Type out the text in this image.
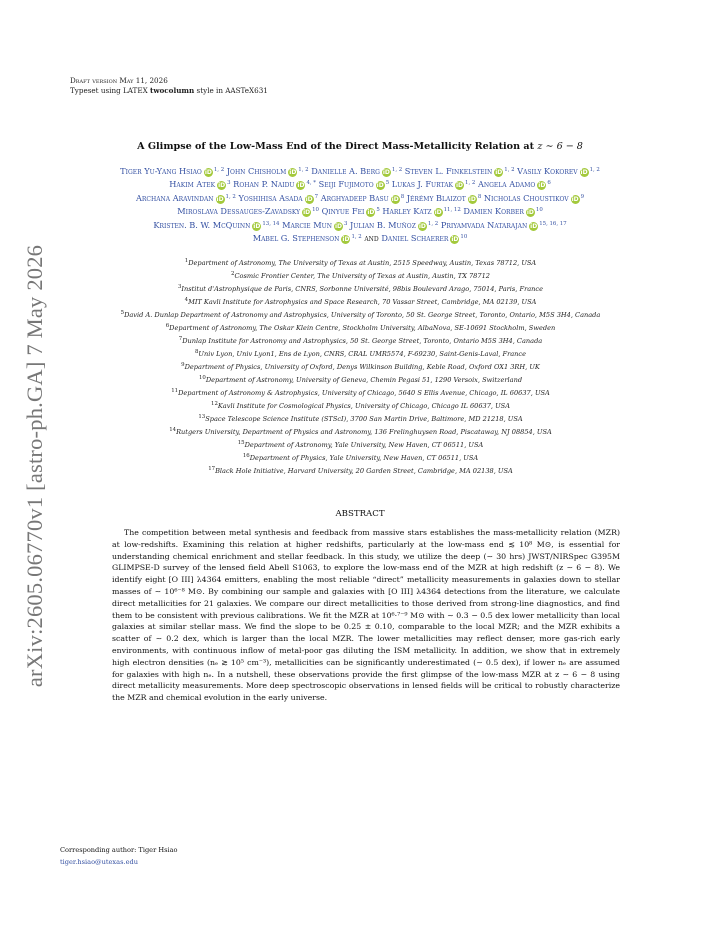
arXiv:2605.06770v1 [astro-ph.GA] 7 May 2026
Draft version May 11, 2026
Typeset using LATEX twocolumn style in AASTeX631
A Glimpse of the Low-Mass End of the Direct Mass-Metallicity Relation at z ∼ 6 − 8
Tiger Yu-Yang Hsiao iD $^{1, 2}$ John Chisholm iD $^{1, 2}$ Danielle A. Berg iD $^{1, 2}$ Steven L. Finkelstein iD $^{1, 2}$ Vasily Kokorev iD $^{1, 2}$
Hakim Atek iD $^3$ Rohan P. Naidu iD $^{4, *}$ Seiji Fujimoto iD $^5$ Lukas J. Furtak iD $^{1, 2}$ Angela Adamo iD $^6$
Archana Aravindan iD $^{1, 2}$ Yoshihisa Asada iD $^7$ Arghyadeep Basu iD $^8$ Jérémy Blaizot iD $^8$ Nicholas Choustikov iD $^9$
Miroslava Dessauges-Zavadsky iD $^{10}$ Qinyue Fei iD $^5$ Harley Katz iD $^{11, 12}$ Damien Korber iD $^{10}$
Kristen. B. W. McQuinn iD $^{13, 14}$ Marcie Mun iD $^3$ Julian B. Muñoz iD $^{1, 2}$ Priyamvada Natarajan iD $^{15, 16, 17}$
Mabel G. Stephenson iD $^{1, 2}$ and Daniel Schaerer iD $^{10}$
$^1$Department of Astronomy, The University of Texas at Austin, 2515 Speedway, Austin, Texas 78712, USA
$^2$Cosmic Frontier Center, The University of Texas at Austin, Austin, TX 78712
$^3$Institut d'Astrophysique de Paris, CNRS, Sorbonne Université, 98bis Boulevard Arago, 75014, Paris, France
$^4$MIT Kavli Institute for Astrophysics and Space Research, 70 Vassar Street, Cambridge, MA 02139, USA
$^5$David A. Dunlap Department of Astronomy and Astrophysics, University of Toronto, 50 St. George Street, Toronto, Ontario, M5S 3H4, Canada
$^6$Department of Astronomy, The Oskar Klein Centre, Stockholm University, AlbaNova, SE-10691 Stockholm, Sweden
$^7$Dunlap Institute for Astronomy and Astrophysics, 50 St. George Street, Toronto, Ontario M5S 3H4, Canada
$^8$Univ Lyon, Univ Lyon1, Ens de Lyon, CNRS, CRAL UMR5574, F-69230, Saint-Genis-Laval, France
$^9$Department of Physics, University of Oxford, Denys Wilkinson Building, Keble Road, Oxford OX1 3RH, UK
$^{10}$Department of Astronomy, University of Geneva, Chemin Pegasi 51, 1290 Versoix, Switzerland
$^{11}$Department of Astronomy & Astrophysics, University of Chicago, 5640 S Ellis Avenue, Chicago, IL 60637, USA
$^{12}$Kavli Institute for Cosmological Physics, University of Chicago, Chicago IL 60637, USA
$^{13}$Space Telescope Science Institute (STScI), 3700 San Martin Drive, Baltimore, MD 21218, USA
$^{14}$Rutgers University, Department of Physics and Astronomy, 136 Frelinghuysen Road, Piscataway, NJ 08854, USA
$^{15}$Department of Astronomy, Yale University, New Haven, CT 06511, USA
$^{16}$Department of Physics, Yale University, New Haven, CT 06511, USA
$^{17}$Black Hole Initiative, Harvard University, 20 Garden Street, Cambridge, MA 02138, USA
ABSTRACT
The competition between metal synthesis and feedback from massive stars establishes the mass-metallicity relation (MZR) at low-redshifts. Examining this relation at higher redshifts, particularly at the low-mass end ≲ 10⁸ M⊙, is essential for understanding chemical enrichment and stellar feedback. In this study, we utilize the deep (∼ 30 hrs) JWST/NIRSpec G395M GLIMPSE-D survey of the lensed field Abell S1063, to explore the low-mass end of the MZR at high redshift (z ∼ 6 − 8). We identify eight [O III] λ4364 emitters, enabling the most reliable “direct” metallicity measurements in galaxies down to stellar masses of ∼ 10⁶⁻⁸ M⊙. By combining our sample and galaxies with [O III] λ4364 detections from the literature, we calculate direct metallicities for 21 galaxies. We compare our direct metallicities to those derived from strong-line diagnostics, and find them to be consistent with previous calibrations. We fit the MZR at 10⁶·⁷⁻⁹ M⊙ with ∼ 0.3 − 0.5 dex lower metallicity than local galaxies at similar stellar mass. We find the slope to be 0.25 ± 0.10, comparable to the local MZR; and the MZR exhibits a scatter of ∼ 0.2 dex, which is larger than the local MZR. The lower metallicities may reflect denser, more gas-rich early environments, with continuous inflow of metal-poor gas diluting the ISM metallicity. In addition, we show that in extremely high electron densities (nₑ ≳ 10⁵ cm⁻³), metallicities can be significantly underestimated (∼ 0.5 dex), if lower nₑ are assumed for galaxies with high nₑ. In a nutshell, these observations provide the first glimpse of the low-mass MZR at z ∼ 6 − 8 using direct metallicity measurements. More deep spectroscopic observations in lensed fields will be critical to robustly characterize the MZR and chemical evolution in the early universe.
Corresponding author: Tiger Hsiao
tiger.hsiao@utexas.edu
